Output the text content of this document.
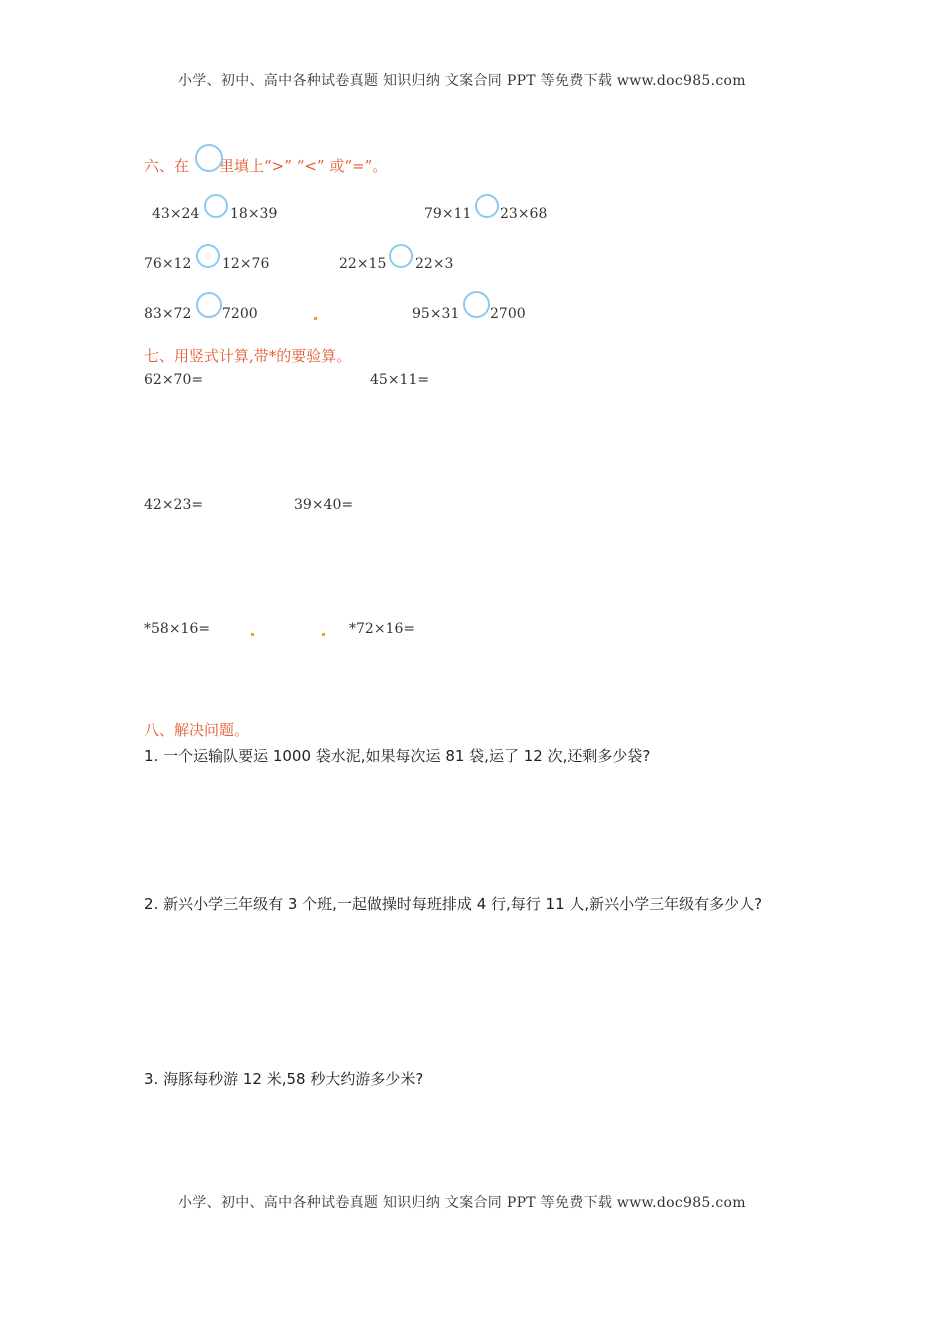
小学、初中、高中各种试卷真题 知识归纳 文案合同 PPT 等免费下载 www.doc985.com
六、在 里填上“>” “<” 或“=”。
43×24 18×39	79×11 23×68
76×12 12×76	22×15 22×3
83×72 7200	95×31 2700
七、用竖式计算,带*的要验算。
62×70=	45×11=
42×23=	39×40=
*58×16=	*72×16=
八、解决问题。
1. 一个运输队要运 1000 袋水泥,如果每次运 81 袋,运了 12 次,还剩多少袋?
2. 新兴小学三年级有 3 个班,一起做操时每班排成 4 行,每行 11 人,新兴小学三年级有多少人?
3. 海豚每秒游 12 米,58 秒大约游多少米?
小学、初中、高中各种试卷真题 知识归纳 文案合同 PPT 等免费下载 www.doc985.com
